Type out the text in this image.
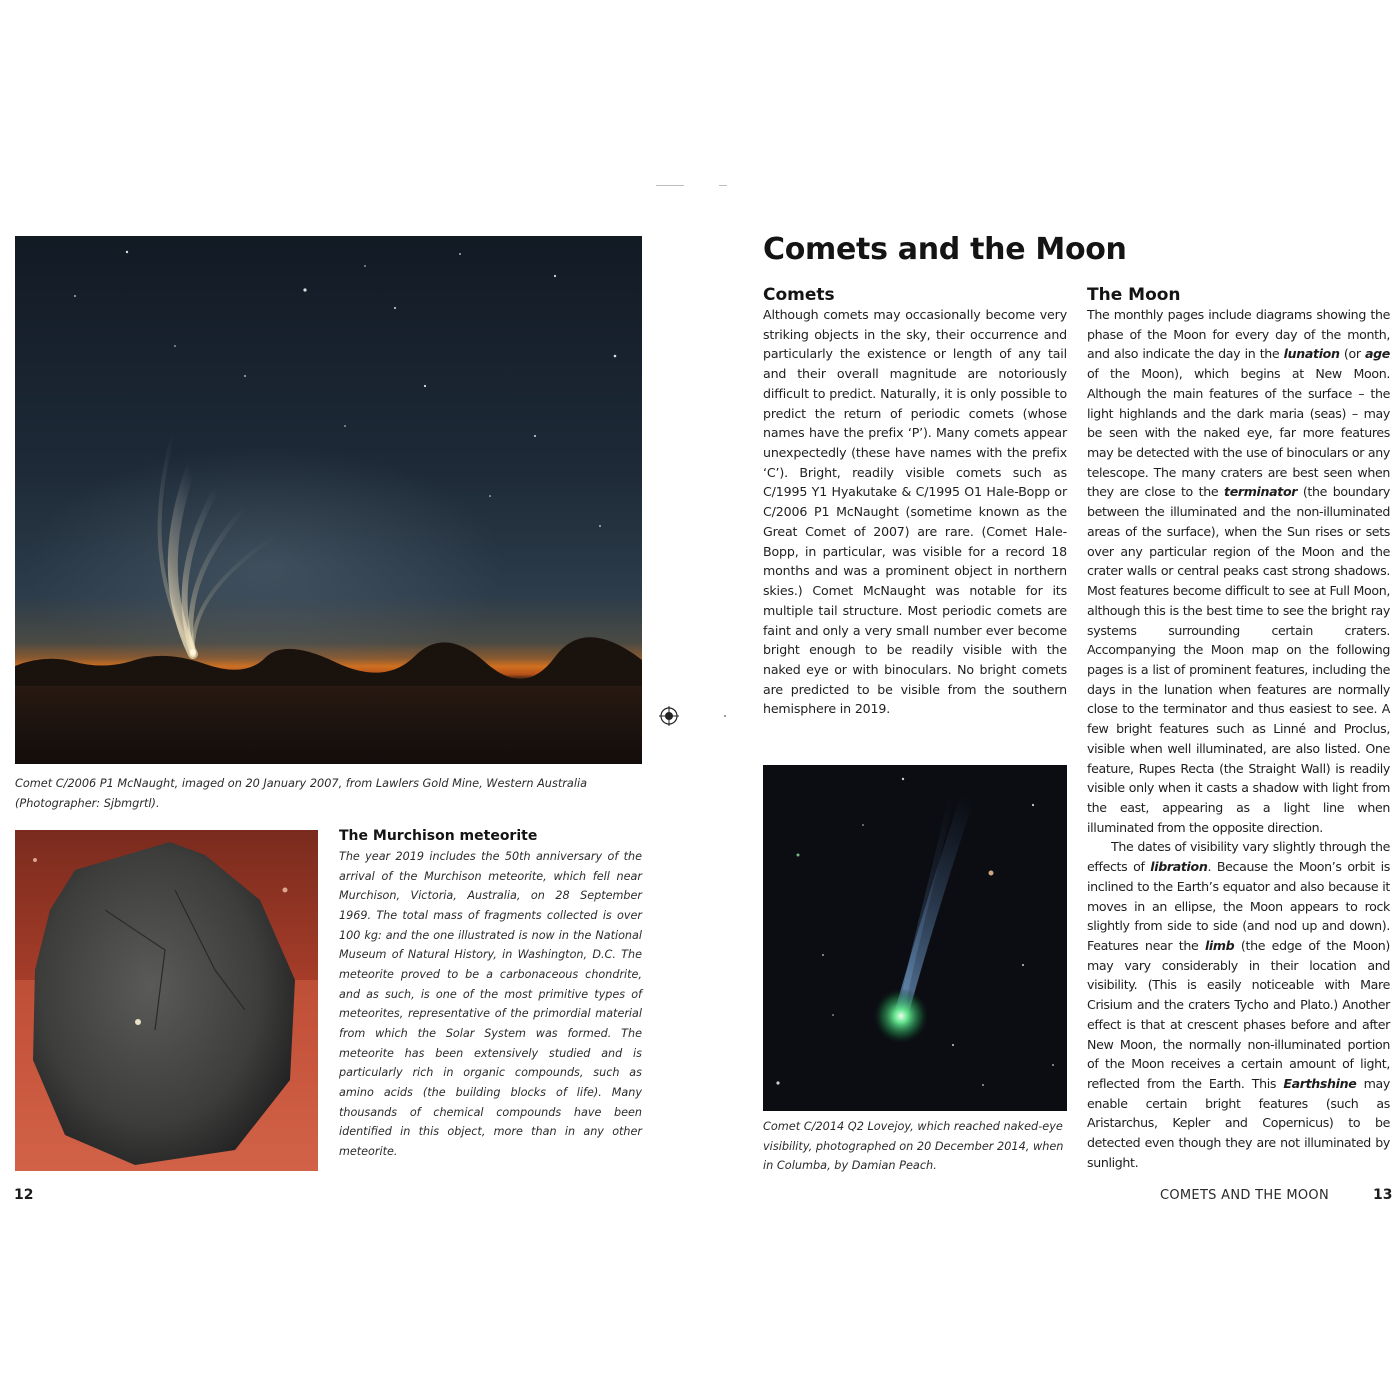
Comet C/2006 P1 McNaught, imaged on 20 January 2007, from Lawlers Gold Mine, Western Australia (Photographer: Sjbmgrtl).

The Murchison meteorite

The year 2019 includes the 50th anniversary of the arrival of the Murchison meteorite, which fell near Murchison, Victoria, Australia, on 28 September 1969. The total mass of fragments collected is over 100 kg: and the one illustrated is now in the National Museum of Natural History, in Washington, D.C. The meteorite proved to be a carbonaceous chondrite, and as such, is one of the most primitive types of meteorites, representative of the primordial material from which the Solar System was formed. The meteorite has been extensively studied and is particularly rich in organic compounds, such as amino acids (the building blocks of life). Many thousands of chemical compounds have been identified in this object, more than in any other meteorite.

12
Comets and the Moon
Comets

Although comets may occasionally become very striking objects in the sky, their occurrence and particularly the existence or length of any tail and their overall magnitude are notoriously difficult to predict. Naturally, it is only possible to predict the return of periodic comets (whose names have the prefix ‘P’). Many comets appear unexpectedly (these have names with the prefix ‘C’). Bright, readily visible comets such as C/1995 Y1 Hyakutake & C/1995 O1 Hale-Bopp or C/2006 P1 McNaught (sometime known as the Great Comet of 2007) are rare. (Comet Hale-Bopp, in particular, was visible for a record 18 months and was a prominent object in northern skies.) Comet McNaught was notable for its multiple tail structure. Most periodic comets are faint and only a very small number ever become bright enough to be readily visible with the naked eye or with binoculars. No bright comets are predicted to be visible from the southern hemisphere in 2019.

Comet C/2014 Q2 Lovejoy, which reached naked-eye visibility, photographed on 20 December 2014, when in Columba, by Damian Peach.

The Moon

The monthly pages include diagrams showing the phase of the Moon for every day of the month, and also indicate the day in the lunation (or age of the Moon), which begins at New Moon. Although the main features of the surface – the light highlands and the dark maria (seas) – may be seen with the naked eye, far more features may be detected with the use of binoculars or any telescope. The many craters are best seen when they are close to the terminator (the boundary between the illuminated and the non-illuminated areas of the surface), when the Sun rises or sets over any particular region of the Moon and the crater walls or central peaks cast strong shadows. Most features become difficult to see at Full Moon, although this is the best time to see the bright ray systems surrounding certain craters. Accompanying the Moon map on the following pages is a list of prominent features, including the days in the lunation when features are normally close to the terminator and thus easiest to see. A few bright features such as Linné and Proclus, visible when well illuminated, are also listed. One feature, Rupes Recta (the Straight Wall) is readily visible only when it casts a shadow with light from the east, appearing as a light line when illuminated from the opposite direction.

The dates of visibility vary slightly through the effects of libration. Because the Moon’s orbit is inclined to the Earth’s equator and also because it moves in an ellipse, the Moon appears to rock slightly from side to side (and nod up and down). Features near the limb (the edge of the Moon) may vary considerably in their location and visibility. (This is easily noticeable with Mare Crisium and the craters Tycho and Plato.) Another effect is that at crescent phases before and after New Moon, the normally non-illuminated portion of the Moon receives a certain amount of light, reflected from the Earth. This Earthshine may enable certain bright features (such as Aristarchus, Kepler and Copernicus) to be detected even though they are not illuminated by sunlight.

COMETS AND THE MOON	13
